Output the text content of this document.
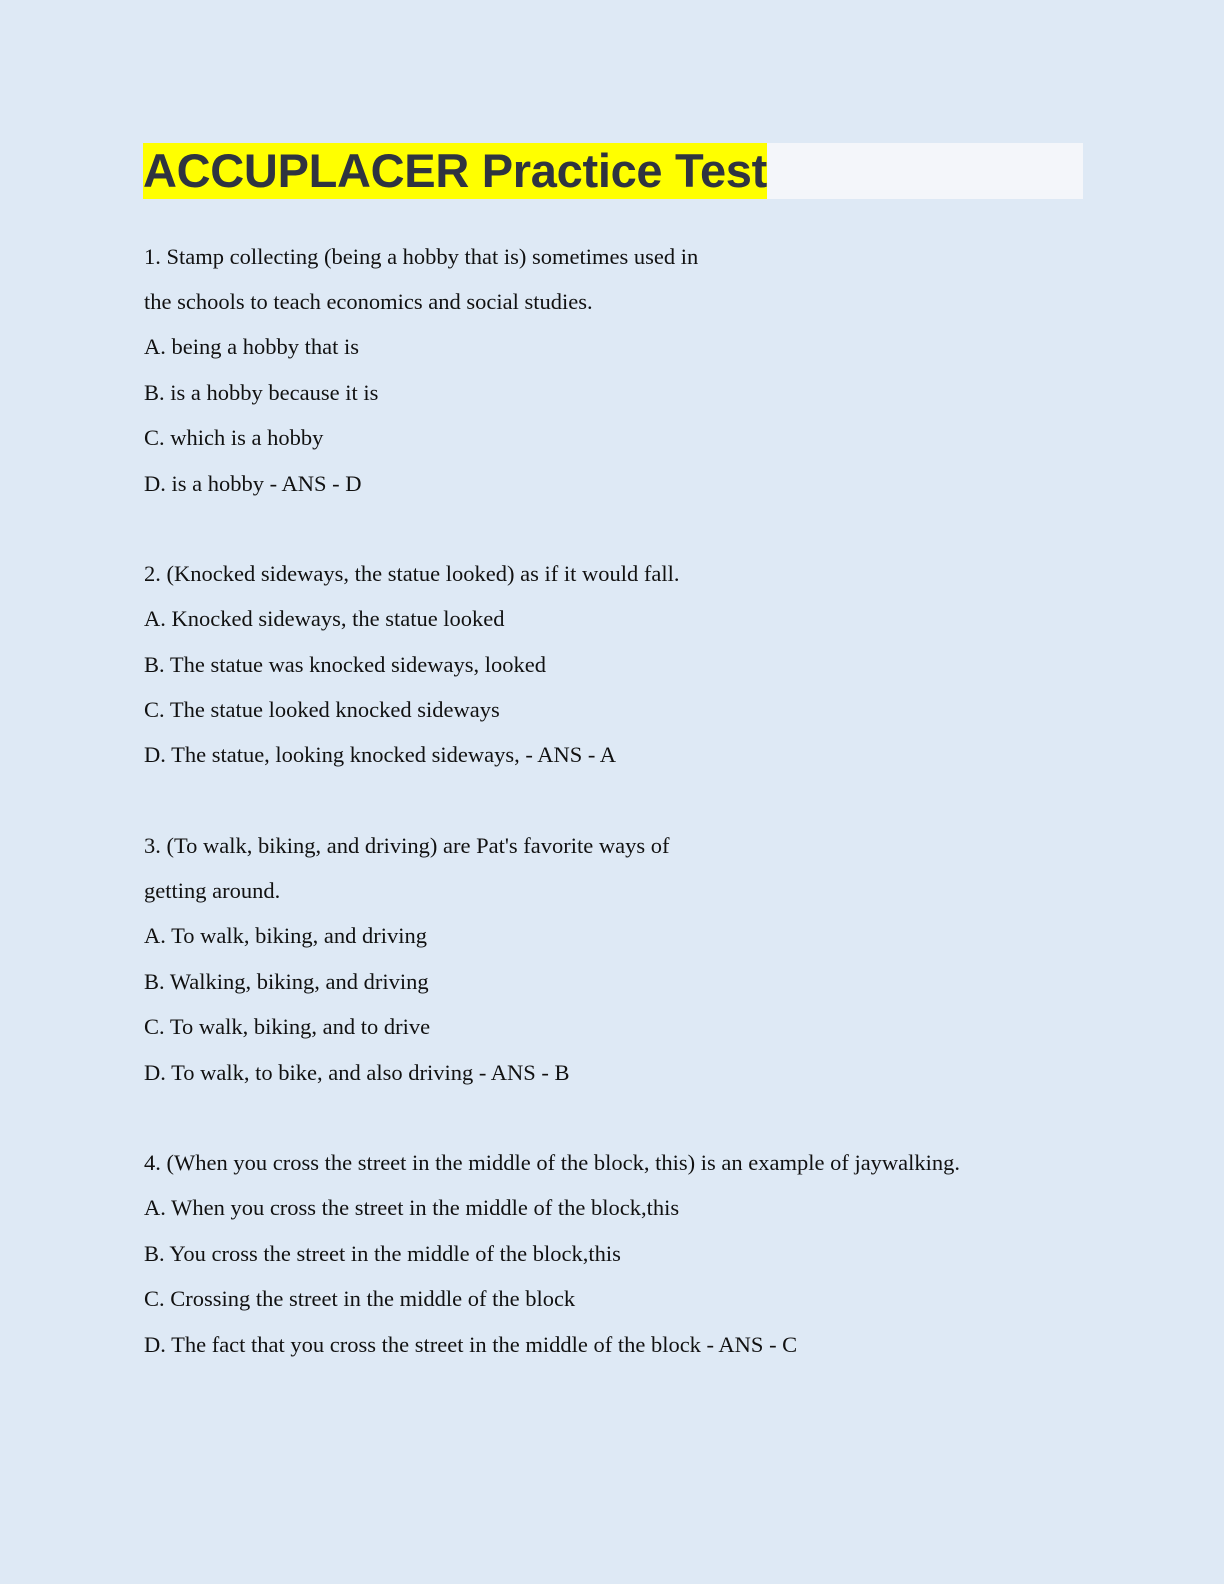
ACCUPLACER Practice Test
1. Stamp collecting (being a hobby that is) sometimes used in
the schools to teach economics and social studies.
A. being a hobby that is
B. is a hobby because it is
C. which is a hobby
D. is a hobby - ANS - D
2. (Knocked sideways, the statue looked) as if it would fall.
A. Knocked sideways, the statue looked
B. The statue was knocked sideways, looked
C. The statue looked knocked sideways
D. The statue, looking knocked sideways, - ANS - A
3. (To walk, biking, and driving) are Pat's favorite ways of
getting around.
A. To walk, biking, and driving
B. Walking, biking, and driving
C. To walk, biking, and to drive
D. To walk, to bike, and also driving - ANS - B
4. (When you cross the street in the middle of the block, this) is an example of jaywalking.
A. When you cross the street in the middle of the block,this
B. You cross the street in the middle of the block,this
C. Crossing the street in the middle of the block
D. The fact that you cross the street in the middle of the block - ANS - C
